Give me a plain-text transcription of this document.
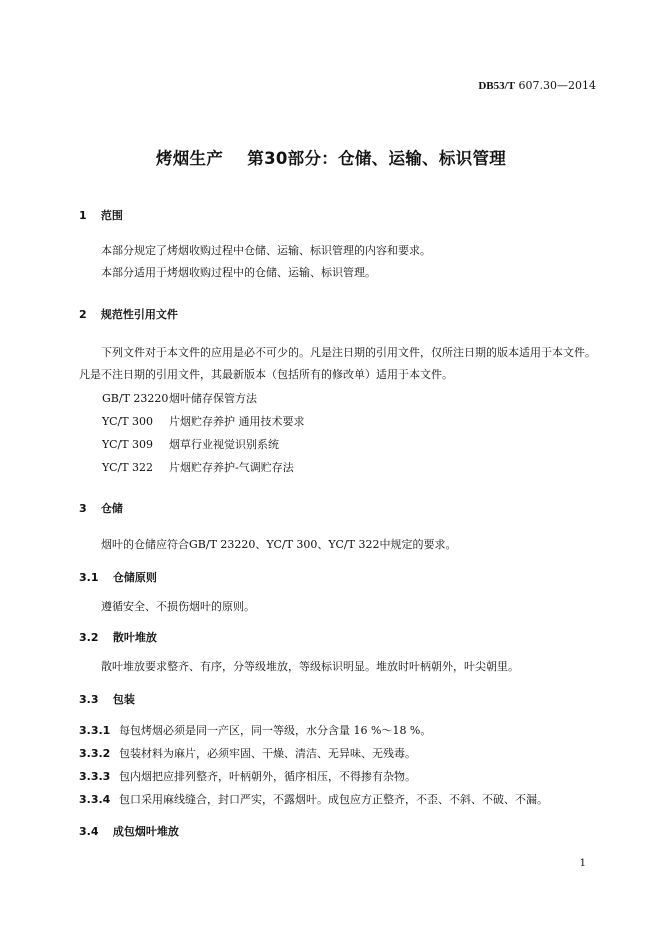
DB53/T 607.30—2014
烤烟生产    第30部分：仓储、运输、标识管理
1 范围
本部分规定了烤烟收购过程中仓储、运输、标识管理的内容和要求。
本部分适用于烤烟收购过程中的仓储、运输、标识管理。
2 规范性引用文件
下列文件对于本文件的应用是必不可少的。凡是注日期的引用文件，仅所注日期的版本适用于本文件。凡是不注日期的引用文件，其最新版本（包括所有的修改单）适用于本文件。
GB/T 23220  烟叶储存保管方法
YC/T 300 片烟贮存养护 通用技术要求
YC/T 309 烟草行业视觉识别系统
YC/T 322 片烟贮存养护-气调贮存法
3 仓储
烟叶的仓储应符合GB/T 23220、YC/T 300、YC/T 322中规定的要求。
3.1 仓储原则
遵循安全、不损伤烟叶的原则。
3.2 散叶堆放
散叶堆放要求整齐、有序，分等级堆放，等级标识明显。堆放时叶柄朝外，叶尖朝里。
3.3 包装
3.3.1 每包烤烟必须是同一产区，同一等级，水分含量 16 %～18 %。
3.3.2 包装材料为麻片，必须牢固、干燥、清洁、无异味、无残毒。
3.3.3 包内烟把应排列整齐，叶柄朝外，循序相压，不得掺有杂物。
3.3.4 包口采用麻线缝合，封口严实，不露烟叶。成包应方正整齐，不歪、不斜、不破、不漏。
3.4 成包烟叶堆放
1
